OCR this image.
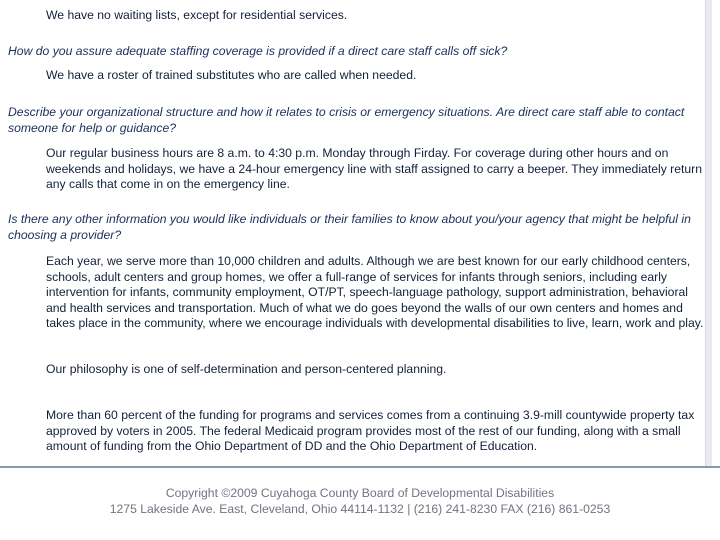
We have no waiting lists, except for residential services.
How do you assure adequate staffing coverage is provided if a direct care staff calls off sick?
We have a roster of trained substitutes who are called when needed.
Describe your organizational structure and how it relates to crisis or emergency situations. Are direct care staff able to contact someone for help or guidance?
Our regular business hours are 8 a.m. to 4:30 p.m. Monday through Firday. For coverage during other hours and on weekends and holidays, we have a 24-hour emergency line with staff assigned to carry a beeper. They immediately return any calls that come in on the emergency line.
Is there any other information you would like individuals or their families to know about you/your agency that might be helpful in choosing a provider?
Each year, we serve more than 10,000 children and adults. Although we are best known for our early childhood centers, schools, adult centers and group homes, we offer a full-range of services for infants through seniors, including early intervention for infants, community employment, OT/PT, speech-language pathology, support administration, behavioral and health services and transportation. Much of what we do goes beyond the walls of our own centers and homes and takes place in the community, where we encourage individuals with developmental disabilities to live, learn, work and play.
Our philosophy is one of self-determination and person-centered planning.
More than 60 percent of the funding for programs and services comes from a continuing 3.9-mill countywide property tax approved by voters in 2005. The federal Medicaid program provides most of the rest of our funding, along with a small amount of funding from the Ohio Department of DD and the Ohio Department of Education.
Copyright ©2009 Cuyahoga County Board of Developmental Disabilities
1275 Lakeside Ave. East, Cleveland, Ohio 44114-1132 | (216) 241-8230 FAX (216) 861-0253
